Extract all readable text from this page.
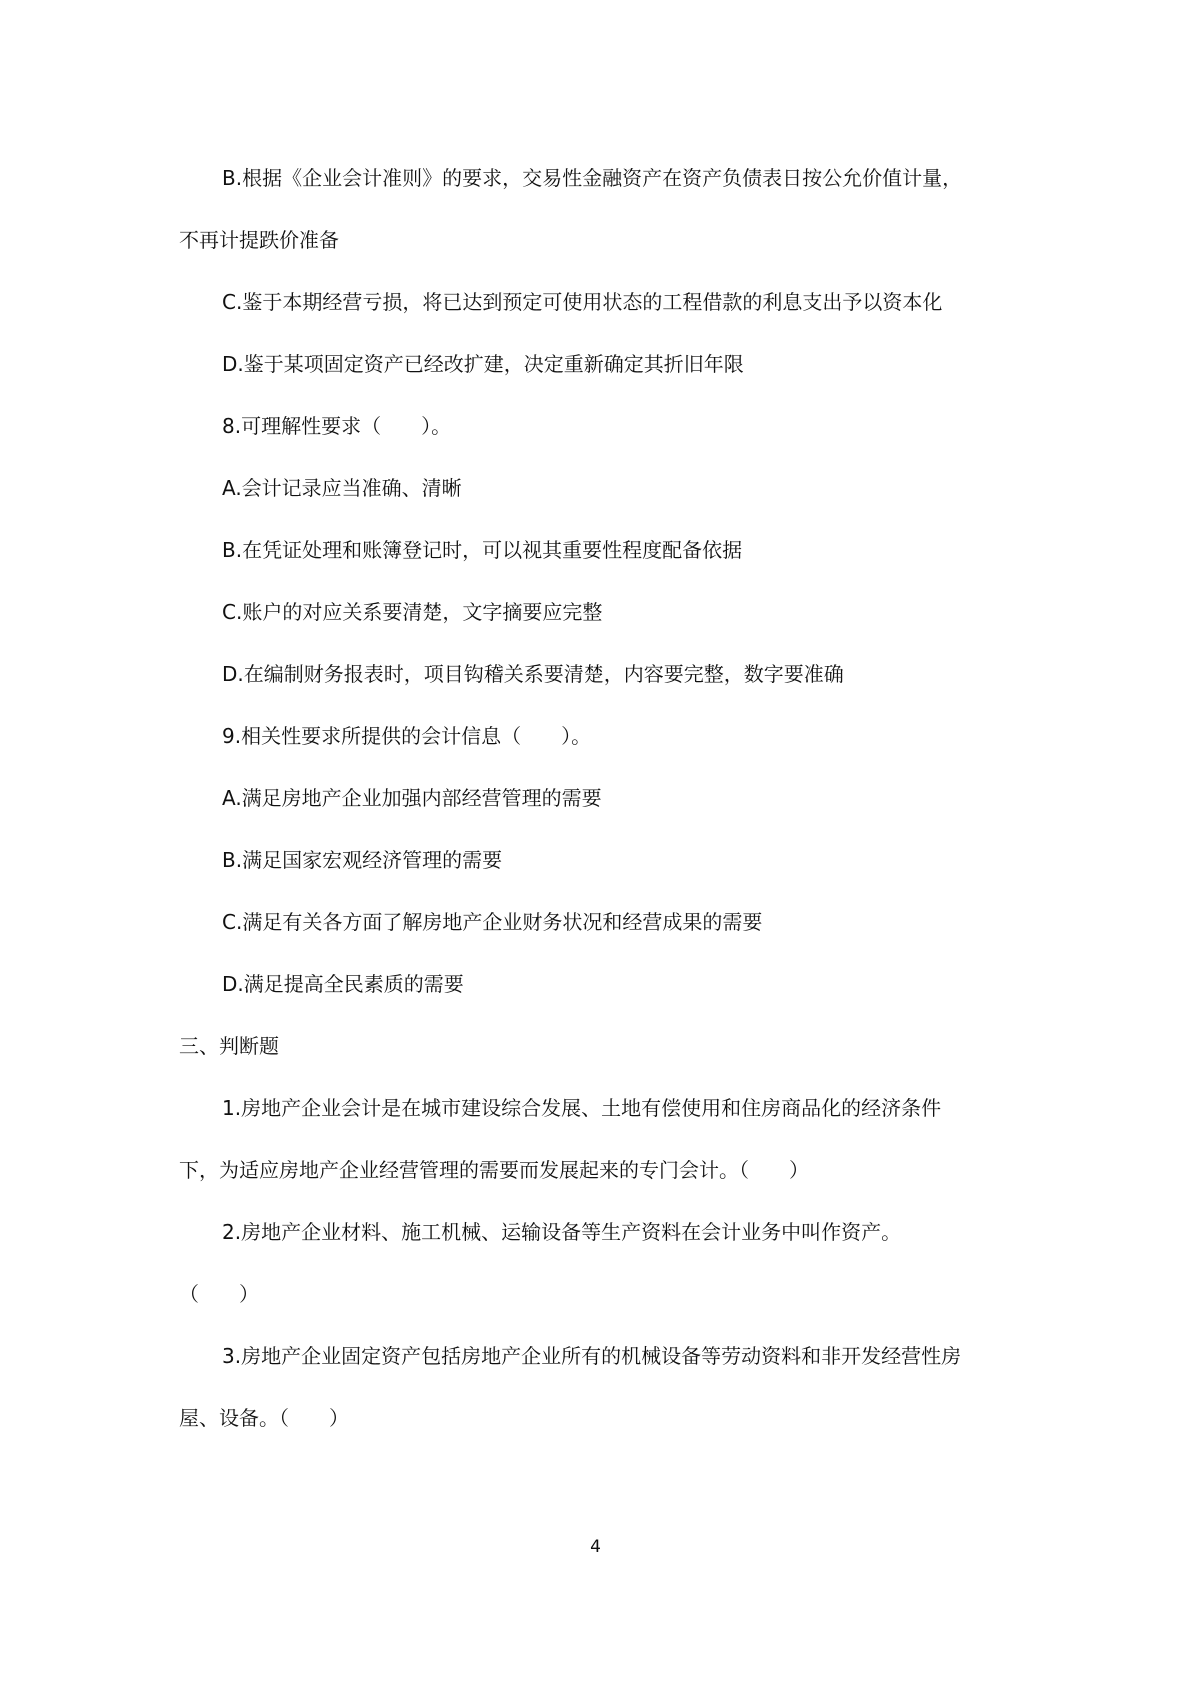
B.根据《企业会计准则》的要求，交易性金融资产在资产负债表日按公允价值计量，
不再计提跌价准备
C.鉴于本期经营亏损，将已达到预定可使用状态的工程借款的利息支出予以资本化
D.鉴于某项固定资产已经改扩建，决定重新确定其折旧年限
8.可理解性要求（　　）。
A.会计记录应当准确、清晰
B.在凭证处理和账簿登记时，可以视其重要性程度配备依据
C.账户的对应关系要清楚，文字摘要应完整
D.在编制财务报表时，项目钩稽关系要清楚，内容要完整，数字要准确
9.相关性要求所提供的会计信息（　　）。
A.满足房地产企业加强内部经营管理的需要
B.满足国家宏观经济管理的需要
C.满足有关各方面了解房地产企业财务状况和经营成果的需要
D.满足提高全民素质的需要
三、判断题
1.房地产企业会计是在城市建设综合发展、土地有偿使用和住房商品化的经济条件
下，为适应房地产企业经营管理的需要而发展起来的专门会计。（　　）
2.房地产企业材料、施工机械、运输设备等生产资料在会计业务中叫作资产。
（　　）
3.房地产企业固定资产包括房地产企业所有的机械设备等劳动资料和非开发经营性房
屋、设备。（　　）
4
